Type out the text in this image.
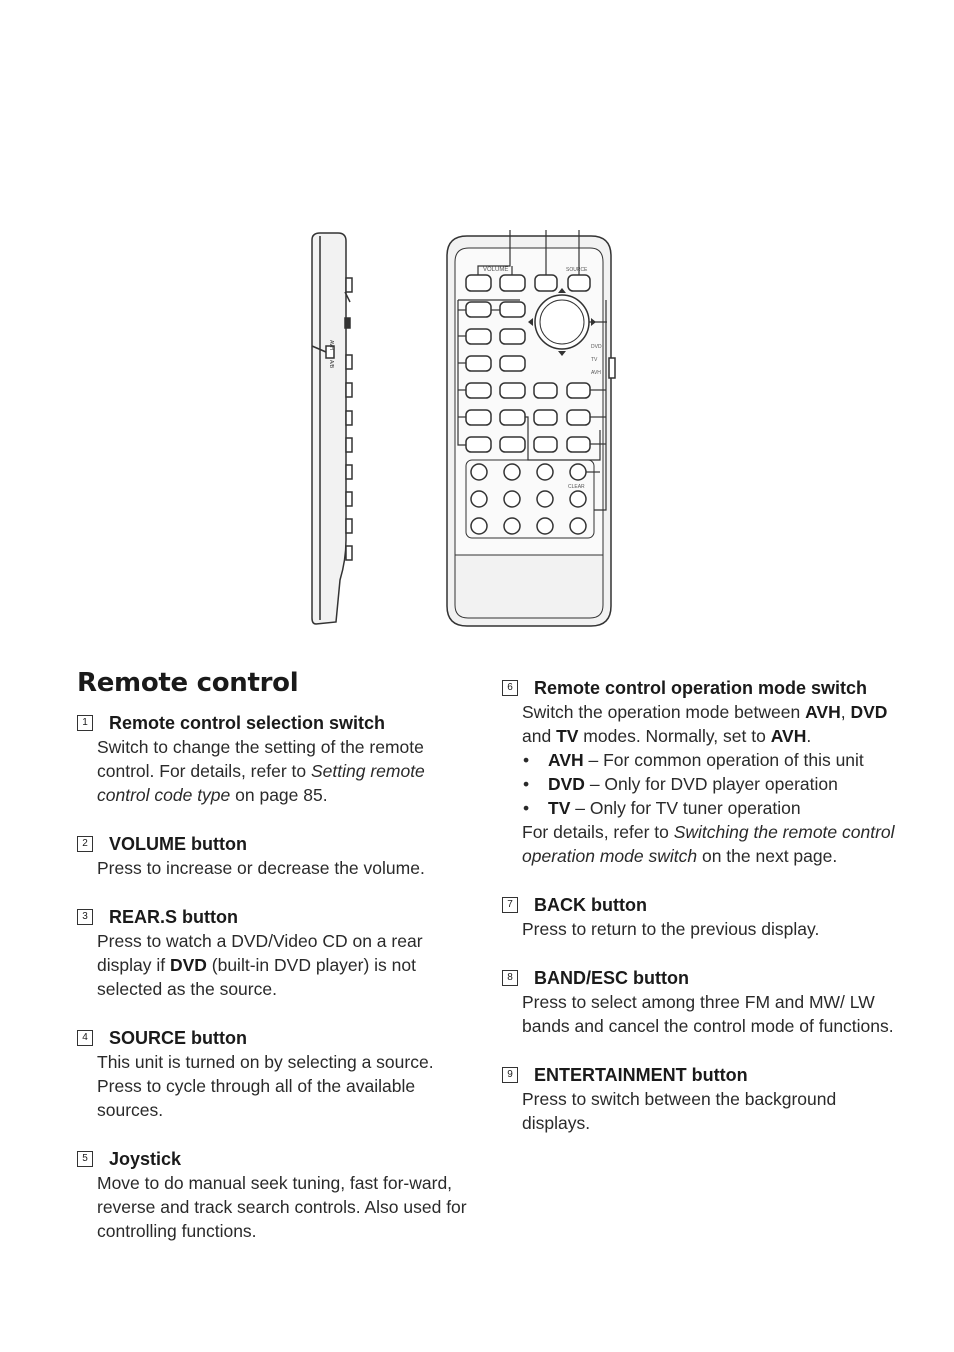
AVH
A/B
VOLUME	SOURCE
DVD
TV
AVH
CLEAR
Remote control
1 Remote control selection switch

Switch to change the setting of the remote control. For details, refer to Setting remote control code type on page 85.

2 VOLUME button

Press to increase or decrease the volume.

3 REAR.S button

Press to watch a DVD/Video CD on a rear display if DVD (built-in DVD player) is not selected as the source.

4 SOURCE button

This unit is turned on by selecting a source. Press to cycle through all of the available sources.

5 Joystick

Move to do manual seek tuning, fast for-ward, reverse and track search controls. Also used for controlling functions.

6 Remote control operation mode switch

Switch the operation mode between AVH, DVD and TV modes. Normally, set to AVH.

• AVH – For common operation of this unit
• DVD – Only for DVD player operation
• TV – Only for TV tuner operation

For details, refer to Switching the remote control operation mode switch on the next page.

7 BACK button

Press to return to the previous display.

8 BAND/ESC button

Press to select among three FM and MW/ LW bands and cancel the control mode of functions.

9 ENTERTAINMENT button

Press to switch between the background displays.
